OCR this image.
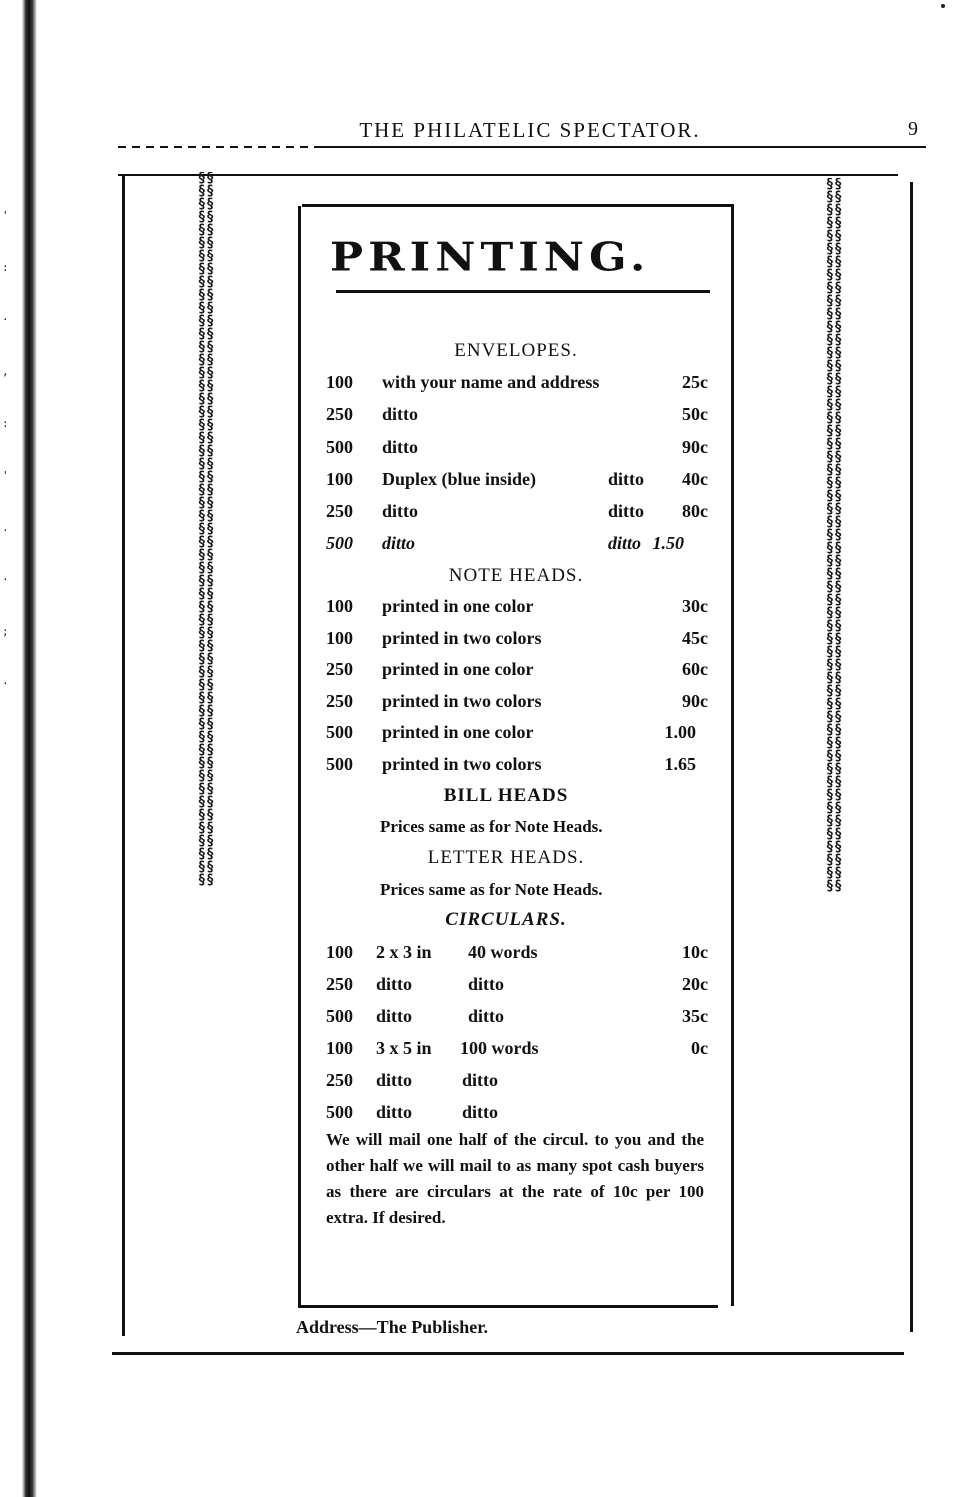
' : · , : ' . · ; ·
THE PHILATELIC SPECTATOR.	9
§§§§§§§§§§§§§§§§§§§§§§§§§§§§§§§§§§§§§§§§§§§§§§§§§§§§§§§§§§§§§§§§§§§§§§§§§§§§§§§§§§§§§§§§§§§§§§§§§§§§§§§§§§§§§§
§§§§§§§§§§§§§§§§§§§§§§§§§§§§§§§§§§§§§§§§§§§§§§§§§§§§§§§§§§§§§§§§§§§§§§§§§§§§§§§§§§§§§§§§§§§§§§§§§§§§§§§§§§§§§§
PRINTING.
ENVELOPES.
100 with your name and address	25c
250 ditto	50c
500 ditto	90c
100 Duplex (blue inside)	ditto 40c
250 ditto	ditto 80c
500 ditto	ditto 1.50
NOTE HEADS.
100 printed in one color	30c
100 printed in two colors	45c
250 printed in one color	60c
250 printed in two colors	90c
500 printed in one color	1.00
500 printed in two colors	1.65
BILL HEADS
Prices same as for Note Heads.
LETTER HEADS.
Prices same as for Note Heads.
CIRCULARS.
100 2 x 3 in 40 words	10c
250 ditto	ditto	20c
500 ditto	ditto	35c
100 3 x 5 in 100 words	0c
250 ditto	ditto
500 ditto	ditto
We will mail one half of the circul. to you and the other half we will mail to as many spot cash buyers as there are circulars at the rate of 10c per 100 extra. If desired.
Address—The Publisher.
